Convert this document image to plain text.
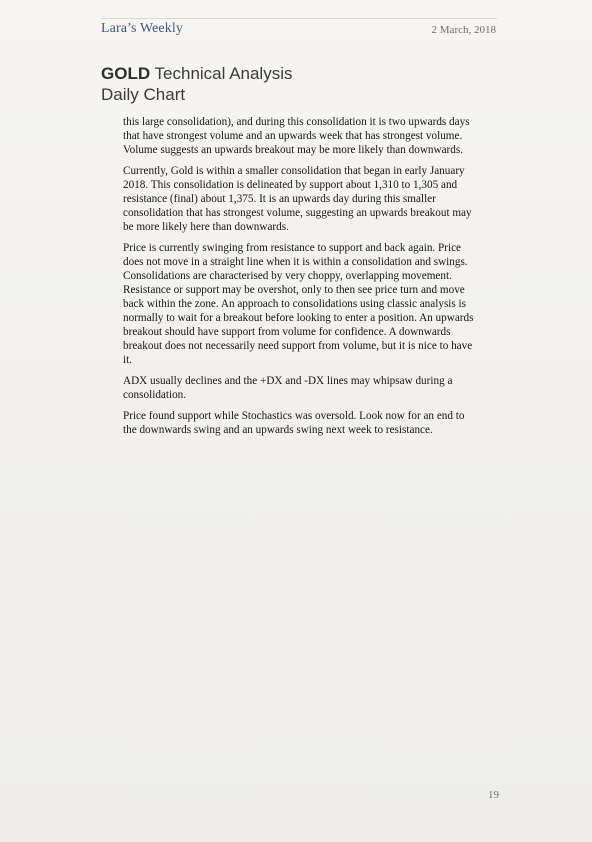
Lara’s Weekly	2 March, 2018
GOLD Technical Analysis
Daily Chart

this large consolidation), and during this consolidation it is two upwards days that have strongest volume and an upwards week that has strongest volume. Volume suggests an upwards breakout may be more likely than downwards.

Currently, Gold is within a smaller consolidation that began in early January 2018. This consolidation is delineated by support about 1,310 to 1,305 and resistance (final) about 1,375. It is an upwards day during this smaller consolidation that has strongest volume, suggesting an upwards breakout may be more likely here than downwards.

Price is currently swinging from resistance to support and back again. Price does not move in a straight line when it is within a consolidation and swings. Consolidations are characterised by very choppy, overlapping movement. Resistance or support may be overshot, only to then see price turn and move back within the zone. An approach to consolidations using classic analysis is normally to wait for a breakout before looking to enter a position. An upwards breakout should have support from volume for confidence. A downwards breakout does not necessarily need support from volume, but it is nice to have it.

ADX usually declines and the +DX and -DX lines may whipsaw during a consolidation.

Price found support while Stochastics was oversold. Look now for an end to the downwards swing and an upwards swing next week to resistance.

19
